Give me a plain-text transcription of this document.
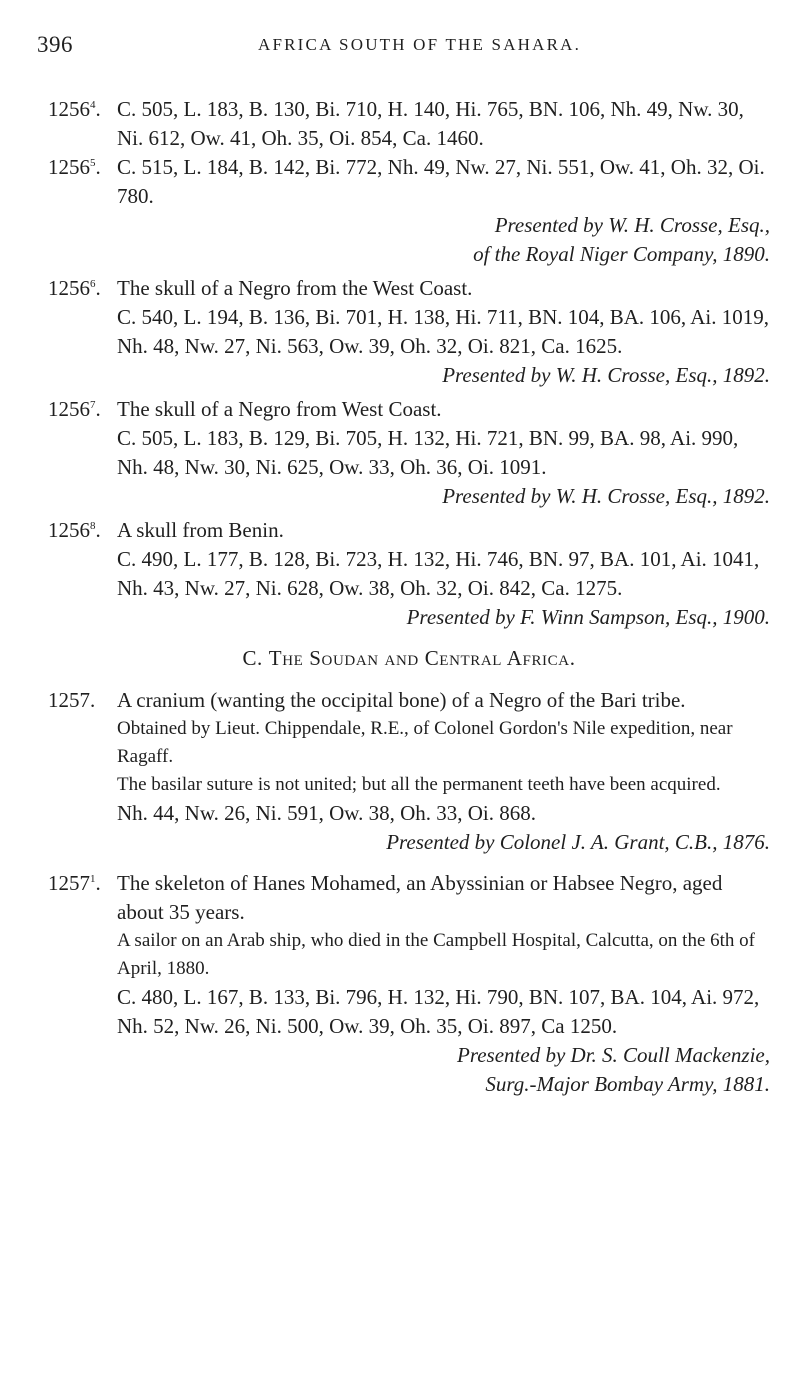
396	AFRICA SOUTH OF THE SAHARA.
1256$^4$. C. 505, L. 183, B. 130, Bi. 710, H. 140, Hi. 765, BN. 106, Nh. 49, Nw. 30, Ni. 612, Ow. 41, Oh. 35, Oi. 854, Ca. 1460.
1256$^5$. C. 515, L. 184, B. 142, Bi. 772, Nh. 49, Nw. 27, Ni. 551, Ow. 41, Oh. 32, Oi. 780.
Presented by W. H. Crosse, Esq.,
of the Royal Niger Company, 1890.
1256$^6$. The skull of a Negro from the West Coast.
C. 540, L. 194, B. 136, Bi. 701, H. 138, Hi. 711, BN. 104, BA. 106, Ai. 1019, Nh. 48, Nw. 27, Ni. 563, Ow. 39, Oh. 32, Oi. 821, Ca. 1625.
Presented by W. H. Crosse, Esq., 1892.
1256$^7$. The skull of a Negro from West Coast.
C. 505, L. 183, B. 129, Bi. 705, H. 132, Hi. 721, BN. 99, BA. 98, Ai. 990, Nh. 48, Nw. 30, Ni. 625, Ow. 33, Oh. 36, Oi. 1091.
Presented by W. H. Crosse, Esq., 1892.
1256$^8$. A skull from Benin.
C. 490, L. 177, B. 128, Bi. 723, H. 132, Hi. 746, BN. 97, BA. 101, Ai. 1041, Nh. 43, Nw. 27, Ni. 628, Ow. 38, Oh. 32, Oi. 842, Ca. 1275.
Presented by F. Winn Sampson, Esq., 1900.
C. The Soudan and Central Africa.
1257. A cranium (wanting the occipital bone) of a Negro of the Bari tribe.
Obtained by Lieut. Chippendale, R.E., of Colonel Gordon's Nile expedition, near Ragaff.
The basilar suture is not united; but all the permanent teeth have been acquired.
Nh. 44, Nw. 26, Ni. 591, Ow. 38, Oh. 33, Oi. 868.
Presented by Colonel J. A. Grant, C.B., 1876.
1257$^1$. The skeleton of Hanes Mohamed, an Abyssinian or Habsee Negro, aged about 35 years.
A sailor on an Arab ship, who died in the Campbell Hospital, Calcutta, on the 6th of April, 1880.
C. 480, L. 167, B. 133, Bi. 796, H. 132, Hi. 790, BN. 107, BA. 104, Ai. 972, Nh. 52, Nw. 26, Ni. 500, Ow. 39, Oh. 35, Oi. 897, Ca 1250.
Presented by Dr. S. Coull Mackenzie,
Surg.-Major Bombay Army, 1881.
